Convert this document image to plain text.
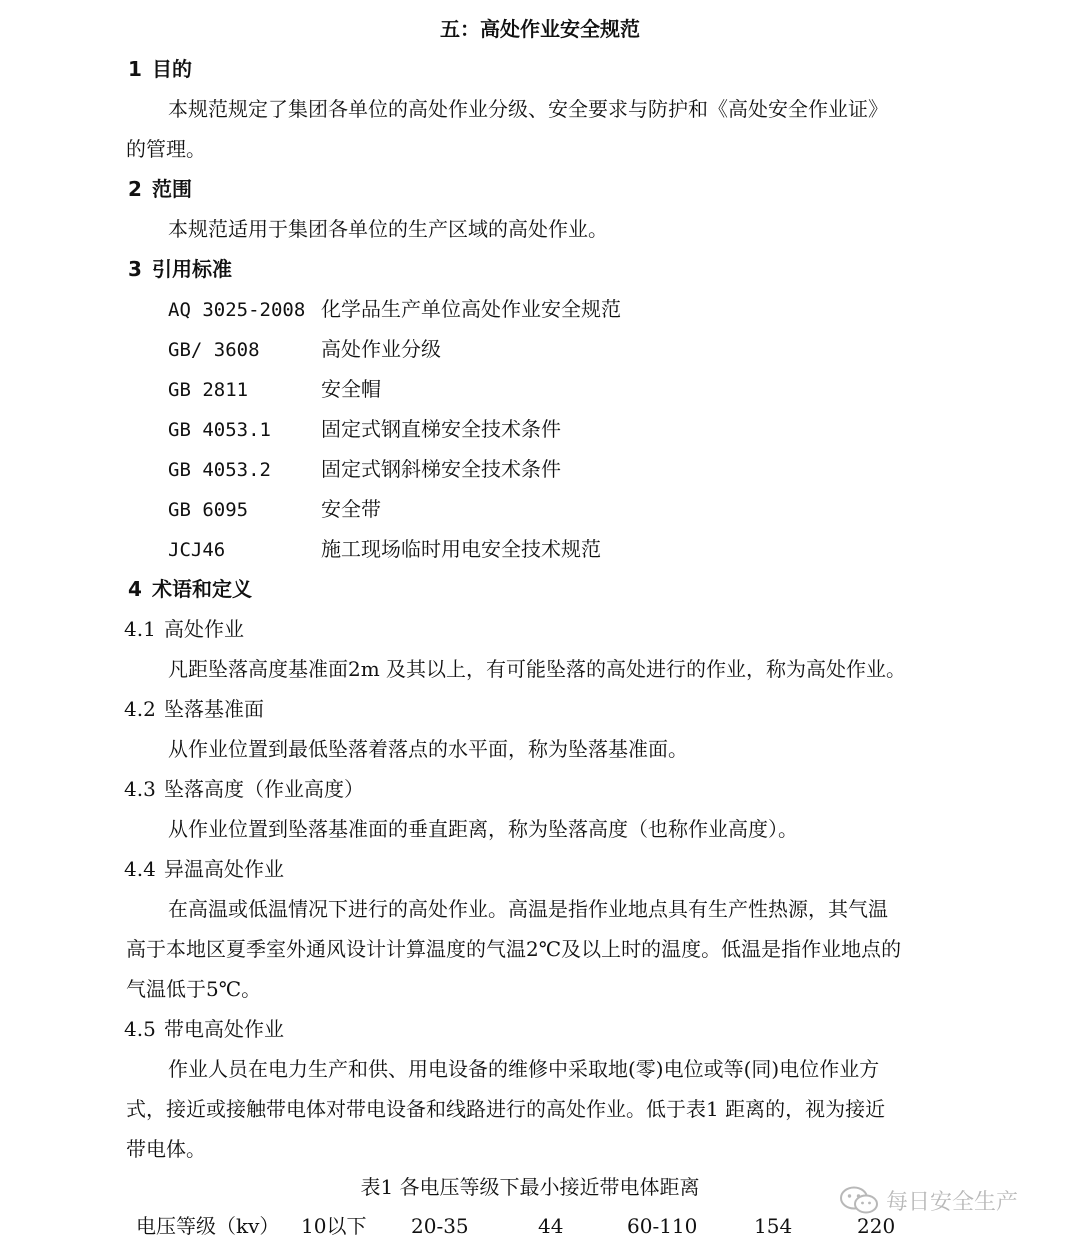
五：高处作业安全规范
1 目的
本规范规定了集团各单位的高处作业分级、安全要求与防护和《高处安全作业证》
的管理。
2 范围
本规范适用于集团各单位的生产区域的高处作业。
3 引用标准
AQ 3025-2008 化学品生产单位高处作业安全规范
GB/ 3608	高处作业分级
GB 2811	安全帽
GB 4053.1	固定式钢直梯安全技术条件
GB 4053.2	固定式钢斜梯安全技术条件
GB 6095	安全带
JCJ46	施工现场临时用电安全技术规范
4 术语和定义
4.1 高处作业
凡距坠落高度基准面2m 及其以上，有可能坠落的高处进行的作业，称为高处作业。
4.2 坠落基准面
从作业位置到最低坠落着落点的水平面，称为坠落基准面。
4.3 坠落高度（作业高度）
从作业位置到坠落基准面的垂直距离，称为坠落高度（也称作业高度）。
4.4 异温高处作业
在高温或低温情况下进行的高处作业。高温是指作业地点具有生产性热源，其气温
高于本地区夏季室外通风设计计算温度的气温2℃及以上时的温度。低温是指作业地点的
气温低于5℃。
4.5 带电高处作业
作业人员在电力生产和供、用电设备的维修中采取地(零)电位或等(同)电位作业方
式，接近或接触带电体对带电设备和线路进行的高处作业。低于表1 距离的，视为接近
带电体。
表1 各电压等级下最小接近带电体距离
电压等级（kv） 10以下 20-35	44	60-110	154	220
每日安全生产
